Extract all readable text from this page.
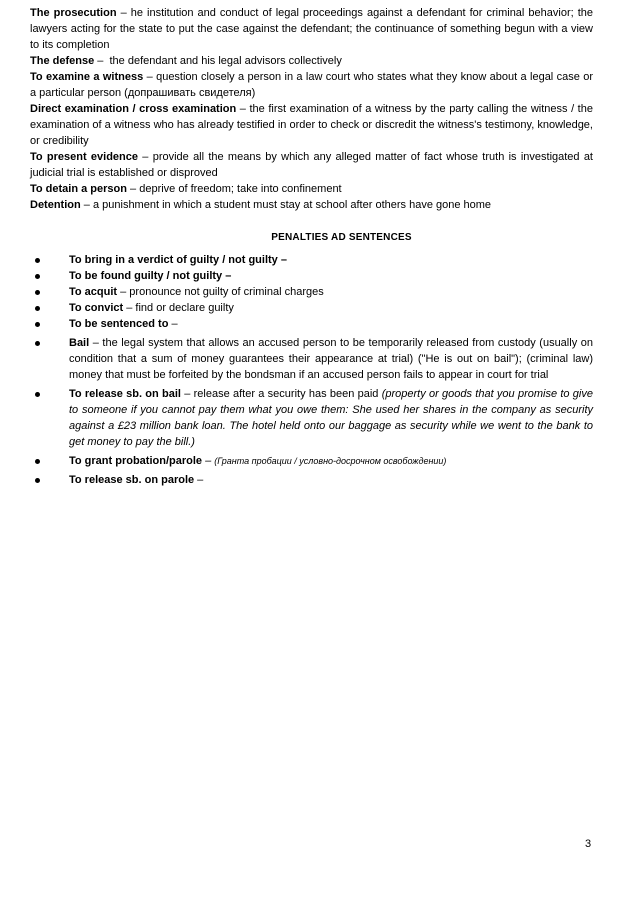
The prosecution – he institution and conduct of legal proceedings against a defendant for criminal behavior; the lawyers acting for the state to put the case against the defendant; the continuance of something begun with a view to its completion

The defense –  the defendant and his legal advisors collectively

To examine a witness – question closely a person in a law court who states what they know about a legal case or a particular person (допрашивать свидетеля)

Direct examination / cross examination – the first examination of a witness by the party calling the witness / the examination of a witness who has already testified in order to check or discredit the witness's testimony, knowledge, or credibility

To present evidence – provide all the means by which any alleged matter of fact whose truth is investigated at judicial trial is established or disproved

To detain a person – deprive of freedom; take into confinement

Detention – a punishment in which a student must stay at school after others have gone home

PENALTIES AD SENTENCES
To bring in a verdict of guilty / not guilty –
To be found guilty / not guilty –
To acquit – pronounce not guilty of criminal charges
To convict – find or declare guilty
To be sentenced to –
Bail – the legal system that allows an accused person to be temporarily released from custody (usually on condition that a sum of money guarantees their appearance at trial) ("He is out on bail"); (criminal law) money that must be forfeited by the bondsman if an accused person fails to appear in court for trial
To release sb. on bail – release after a security has been paid (property or goods that you promise to give to someone if you cannot pay them what you owe them: She used her shares in the company as security against a £23 million bank loan. The hotel held onto our baggage as security while we went to the bank to get money to pay the bill.)
To grant probation/parole – (Гранта пробации / условно-досрочном освобождении)
To release sb. on parole –
3
